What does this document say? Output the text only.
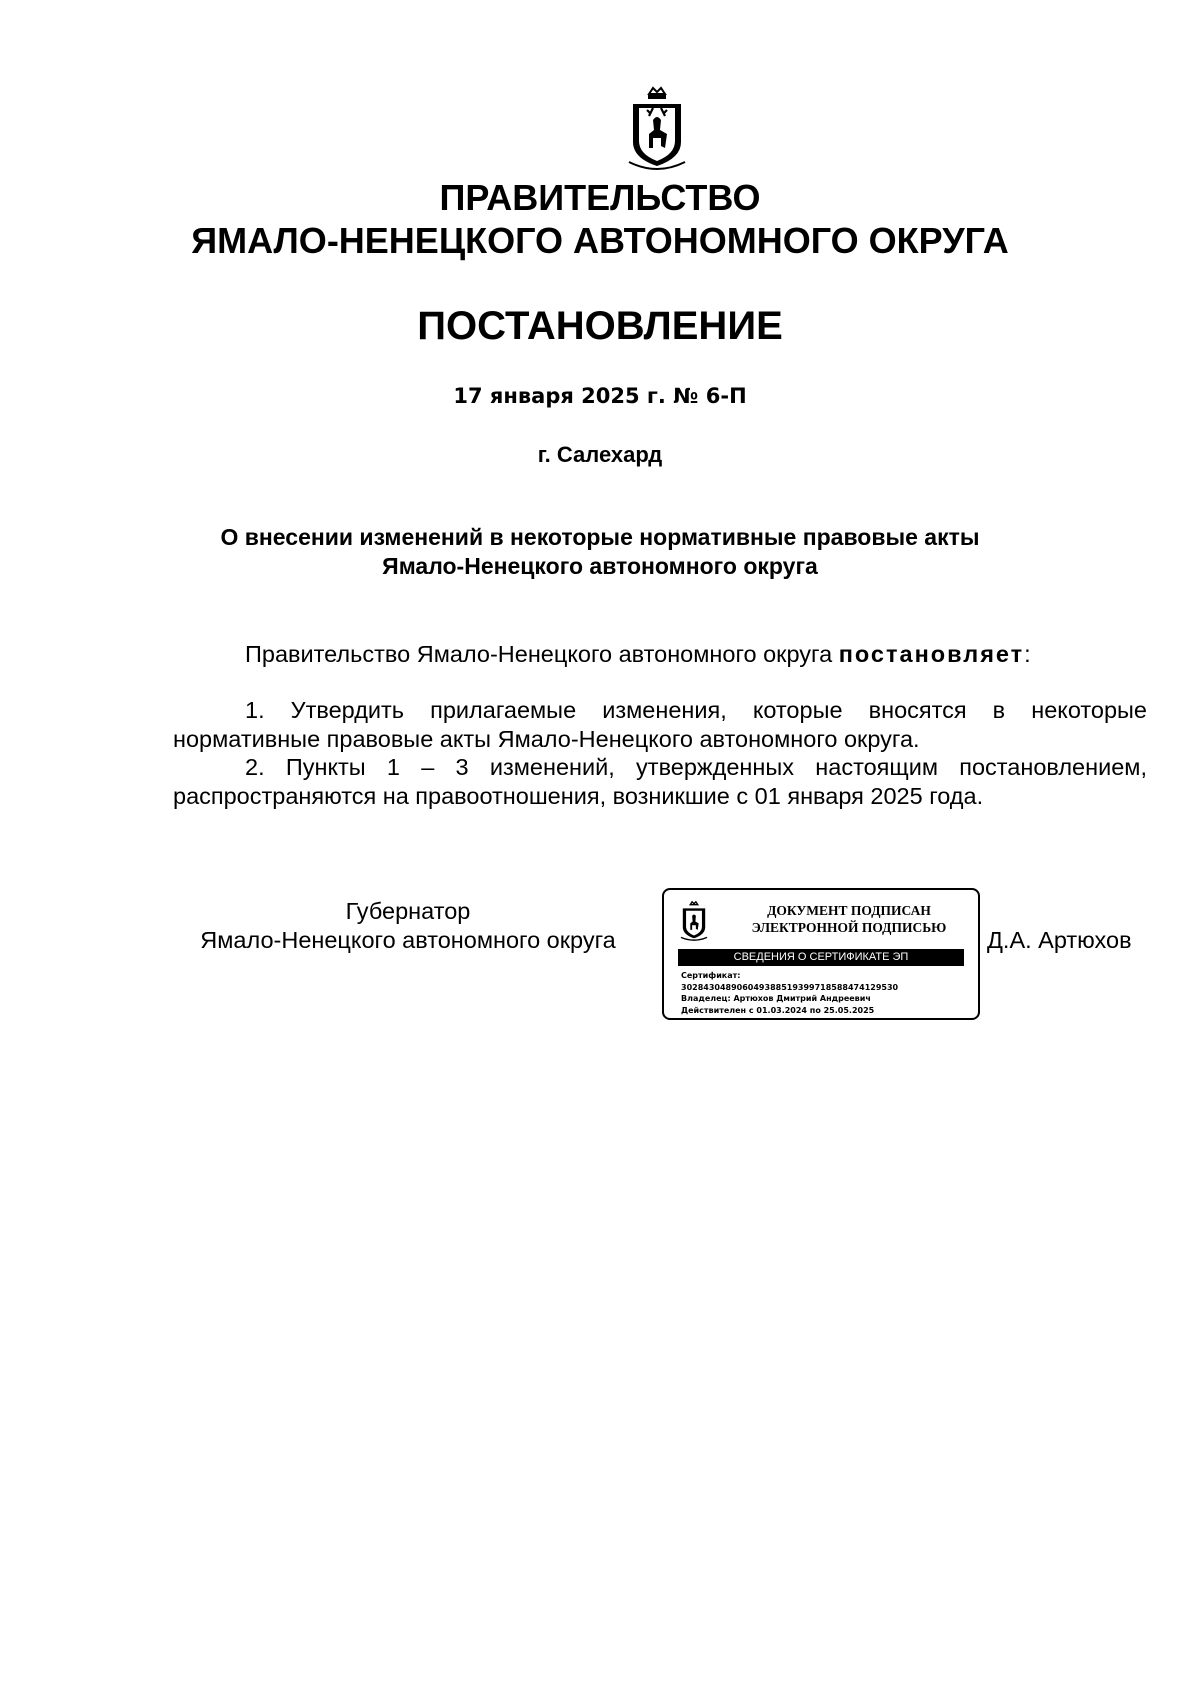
ПРАВИТЕЛЬСТВО
ЯМАЛО-НЕНЕЦКОГО АВТОНОМНОГО ОКРУГА
ПОСТАНОВЛЕНИЕ
17 января 2025 г. № 6-П
г. Салехард
О внесении изменений в некоторые нормативные правовые акты
Ямало-Ненецкого автономного округа
Правительство Ямало-Ненецкого автономного округа постановляет:
1. Утвердить прилагаемые изменения, которые вносятся в некоторые нормативные правовые акты Ямало-Ненецкого автономного округа.
2. Пункты 1 – 3 изменений, утвержденных настоящим постановлением, распространяются на правоотношения, возникшие с 01 января 2025 года.
Губернатор
Ямало-Ненецкого автономного округа
ДОКУМЕНТ ПОДПИСАН
ЭЛЕКТРОННОЙ ПОДПИСЬЮ
СВЕДЕНИЯ О СЕРТИФИКАТЕ ЭП
Сертификат:
302843048906049388519399718588474129530
Владелец: Артюхов Дмитрий Андреевич
Действителен с 01.03.2024 по 25.05.2025
Д.А. Артюхов
